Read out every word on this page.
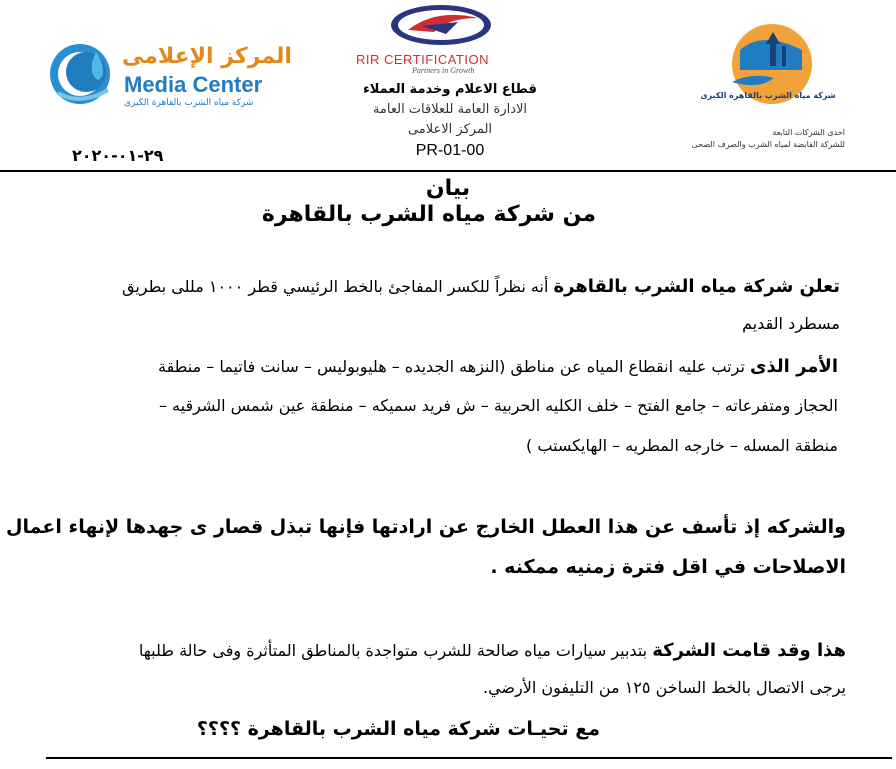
المركز الإعلامى
Media Center
شركة مياه الشرب بالقاهرة الكبرى
٢٩-٠١-٢٠٢٠
RIR CERTIFICATION
Partners in Growth
قطاع الاعلام وخدمة العملاء
الادارة العامة للعلاقات العامة
المركز الاعلامى
PR-01-00
شركة مياه الشرب بالقاهرة الكبرى
احدى الشركات التابعة
للشركة القابضة لمياه الشرب والصرف الصحى
بيان
من شركة مياه الشرب بالقاهرة
تعلن شركة مياه الشرب بالقاهرة أنه نظراً للكسر المفاجئ بالخط الرئيسي قطر ١٠٠٠ مللى بطريق
مسطرد القديم
الأمر الذى ترتب عليه انقطاع المياه عن مناطق (النزهه الجديده – هليوبوليس – سانت فاتيما – منطقة
الحجاز ومتفرعاته – جامع الفتح – خلف الكليه الحربية – ش فريد سميكه – منطقة عين شمس الشرقيه –
منطقة المسله – خارجه المطريه – الهايكستب )
والشركه إذ تأسف عن هذا العطل الخارج عن ارادتها فإنها تبذل قصار ى جهدها لإنهاء اعمال
الاصلاحات في اقل فترة زمنيه ممكنه .
هذا وقد قامت الشركة بتدبير سيارات مياه صالحة للشرب متواجدة بالمناطق المتأثرة وفى حالة طلبها
يرجى الاتصال بالخط الساخن ١٢٥ من التليفون الأرضي.
مع تحيـات شركة مياه الشرب بالقاهرة ؟؟؟؟
